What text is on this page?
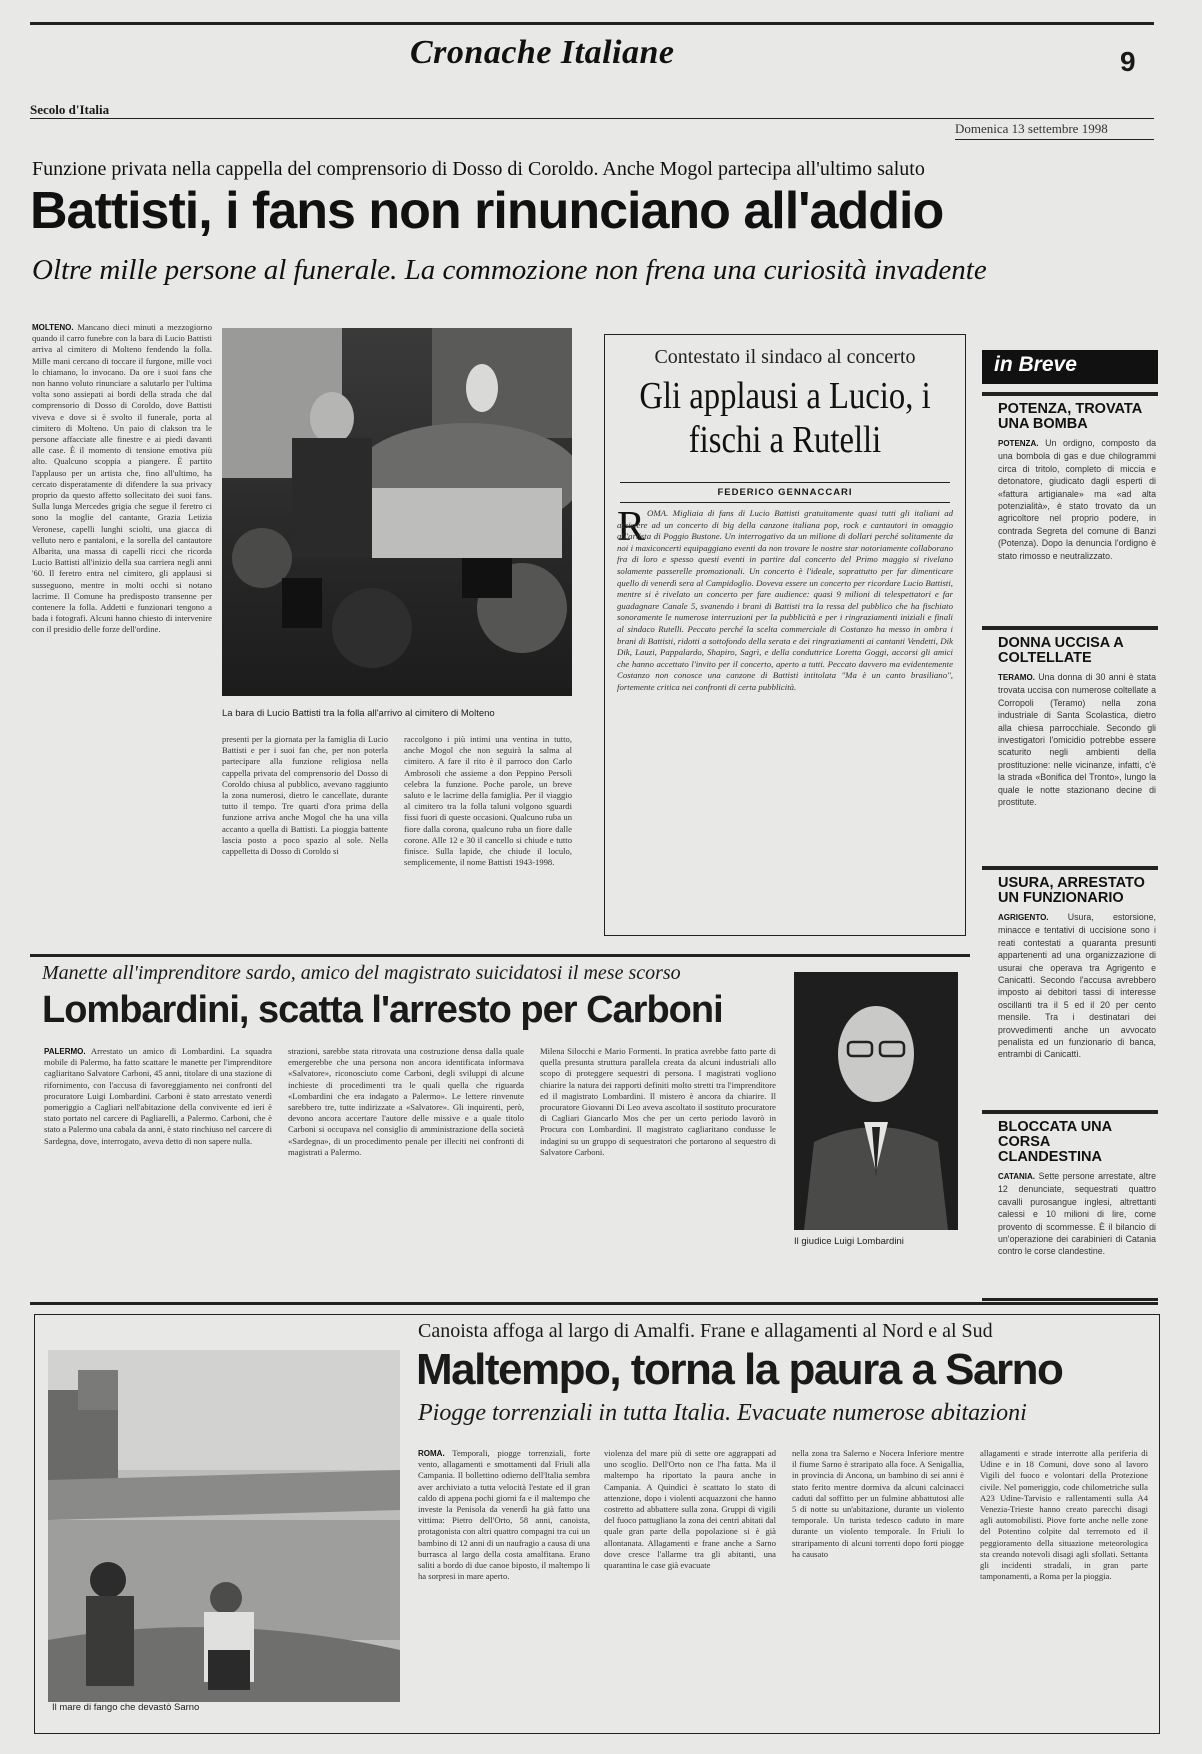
Cronache Italiane	9
Secolo d'Italia
Domenica 13 settembre 1998
Funzione privata nella cappella del comprensorio di Dosso di Coroldo. Anche Mogol partecipa all'ultimo saluto
Battisti, i fans non rinunciano all'addio
Oltre mille persone al funerale. La commozione non frena una curiosità invadente
MOLTENO. Mancano dieci minuti a mezzogiorno quando il carro funebre con la bara di Lucio Battisti arriva al cimitero di Molteno fendendo la folla. Mille mani cercano di toccare il furgone, mille voci lo chiamano, lo invocano. Da ore i suoi fans che non hanno voluto rinunciare a salutarlo per l'ultima volta sono assiepati ai bordi della strada che dal comprensorio di Dosso di Coroldo, dove Battisti viveva e dove si è svolto il funerale, porta al cimitero di Molteno. Un paio di clakson tra le persone affacciate alle finestre e ai piedi davanti alle case. È il momento di tensione emotiva più alto. Qualcuno scoppia a piangere. È partito l'applauso per un artista che, fino all'ultimo, ha cercato disperatamente di difendere la sua privacy proprio da questo affetto sollecitato dei suoi fans. Sulla lunga Mercedes grigia che segue il feretro ci sono la moglie del cantante, Grazia Letizia Veronese, capelli lunghi sciolti, una giacca di velluto nero e pantaloni, e la sorella del cantautore Albarita, una massa di capelli ricci che ricorda Lucio Battisti all'inizio della sua carriera negli anni '60. Il feretro entra nel cimitero, gli applausi si susseguono, mentre in molti occhi si notano lacrime. Il Comune ha predisposto transenne per contenere la folla. Addetti e funzionari tengono a bada i fotografi. Alcuni hanno chiesto di intervenire con il presidio delle forze dell'ordine.
La bara di Lucio Battisti tra la folla all'arrivo al cimitero di Molteno
presenti per la giornata per la famiglia di Lucio Battisti e per i suoi fan che, per non poterla partecipare alla funzione religiosa nella cappella privata del comprensorio del Dosso di Coroldo chiusa al pubblico, avevano raggiunto la zona numerosi, dietro le cancellate, durante tutto il tempo. Tre quarti d'ora prima della funzione arriva anche Mogol che ha una villa accanto a quella di Battisti. La pioggia battente lascia posto a poco spazio al sole. Nella cappelletta di Dosso di Coroldo si
raccolgono i più intimi una ventina in tutto, anche Mogol che non seguirà la salma al cimitero. A fare il rito è il parroco don Carlo Ambrosoli che assieme a don Peppino Persoli celebra la funzione. Poche parole, un breve saluto e le lacrime della famiglia. Per il viaggio al cimitero tra la folla taluni volgono sguardi fissi fuori di queste occasioni. Qualcuno ruba un fiore dalla corona, qualcuno ruba un fiore dalle corone. Alle 12 e 30 il cancello si chiude e tutto finisce. Sulla lapide, che chiude il loculo, semplicemente, il nome Battisti 1943-1998.
Contestato il sindaco al concerto
Gli applausi a Lucio, i fischi a Rutelli
FEDERICO GENNACCARI
R OMA. Migliaia di fans di Lucio Battisti gratuitamente quasi tutti gli italiani ad assistere ad un concerto di big della canzone italiana pop, rock e cantautori in omaggio all'artista di Poggio Bustone. Un interrogativo da un milione di dollari perché solitamente da noi i maxiconcerti equipaggiano eventi da non trovare le nostre star notoriamente collaborano fra di loro e spesso questi eventi in partire dal concerto del Primo maggio si rivelano solamente passerelle promozionali. Un concerto è l'ideale, soprattutto per far dimenticare quello di venerdì sera al Campidoglio. Doveva essere un concerto per ricordare Lucio Battisti, mentre si è rivelato un concerto per fare audience: quasi 9 milioni di telespettatori e far guadagnare Canale 5, svanendo i brani di Battisti tra la ressa del pubblico che ha fischiato sonoramente le numerose interruzioni per la pubblicità e per i ringraziamenti iniziali e finali al sindaco Rutelli. Peccato perché la scelta commerciale di Costanzo ha messo in ombra i brani di Battisti, ridotti a sottofondo della serata e dei ringraziamenti ai cantanti Vendetti, Dik Dik, Lauzi, Pappalardo, Shapiro, Sagrì, e della conduttrice Loretta Goggi, accorsi gli amici che hanno accettato l'invito per il concerto, aperto a tutti. Peccato davvero ma evidentemente Costanzo non conosce una canzone di Battisti intitolata "Ma è un canto brasiliano", fortemente critica nei confronti di certa pubblicità.
in Breve
POTENZA, TROVATA UNA BOMBA
POTENZA. Un ordigno, composto da una bombola di gas e due chilogrammi circa di tritolo, completo di miccia e detonatore, giudicato dagli esperti di «fattura artigianale» ma «ad alta potenzialità», è stato trovato da un agricoltore nel proprio podere, in contrada Segreta del comune di Banzi (Potenza). Dopo la denuncia l'ordigno è stato rimosso e neutralizzato.
DONNA UCCISA A COLTELLATE
TERAMO. Una donna di 30 anni è stata trovata uccisa con numerose coltellate a Corropoli (Teramo) nella zona industriale di Santa Scolastica, dietro alla chiesa parrocchiale. Secondo gli investigatori l'omicidio potrebbe essere scaturito negli ambienti della prostituzione: nelle vicinanze, infatti, c'è la strada «Bonifica del Tronto», lungo la quale le notte stazionano decine di prostitute.
USURA, ARRESTATO UN FUNZIONARIO
AGRIGENTO. Usura, estorsione, minacce e tentativi di uccisione sono i reati contestati a quaranta presunti appartenenti ad una organizzazione di usurai che operava tra Agrigento e Canicattì. Secondo l'accusa avrebbero imposto ai debitori tassi di interesse oscillanti tra il 5 ed il 20 per cento mensile. Tra i destinatari dei provvedimenti anche un avvocato penalista ed un funzionario di banca, entrambi di Canicattì.
BLOCCATA UNA CORSA CLANDESTINA
CATANIA. Sette persone arrestate, altre 12 denunciate, sequestrati quattro cavalli purosangue inglesi, altrettanti calessi e 10 milioni di lire, come provento di scommesse. È il bilancio di un'operazione dei carabinieri di Catania contro le corse clandestine.
Manette all'imprenditore sardo, amico del magistrato suicidatosi il mese scorso
Lombardini, scatta l'arresto per Carboni
PALERMO. Arrestato un amico di Lombardini. La squadra mobile di Palermo, ha fatto scattare le manette per l'imprenditore cagliaritano Salvatore Carboni, 45 anni, titolare di una stazione di rifornimento, con l'accusa di favoreggiamento nei confronti del procuratore Luigi Lombardini. Carboni è stato arrestato venerdì pomeriggio a Cagliari nell'abitazione della convivente ed ieri è stato portato nel carcere di Pagliarelli, a Palermo. Carboni, che è stato a Palermo una cabala da anni, è stato rinchiuso nel carcere di Sardegna, dove, interrogato, aveva detto di non sapere nulla.
strazioni, sarebbe stata ritrovata una costruzione densa dalla quale emergerebbe che una persona non ancora identificata informava «Salvatore», riconosciuto come Carboni, degli sviluppi di alcune inchieste di procedimenti tra le quali quella che riguarda «Lombardini che era indagato a Palermo». Le lettere rinvenute sarebbero tre, tutte indirizzate a «Salvatore». Gli inquirenti, però, devono ancora accertare l'autore delle missive e a quale titolo Carboni si occupava nel consiglio di amministrazione della società «Sardegna», di un procedimento penale per illeciti nei confronti di magistrati a Palermo.
Milena Silocchi e Mario Formenti. In pratica avrebbe fatto parte di quella presunta struttura parallela creata da alcuni industriali allo scopo di proteggere sequestri di persona. I magistrati vogliono chiarire la natura dei rapporti definiti molto stretti tra l'imprenditore ed il magistrato Lombardini. Il mistero è ancora da chiarire. Il procuratore Giovanni Di Leo aveva ascoltato il sostituto procuratore di Cagliari Giancarlo Mos che per un certo periodo lavorò in Procura con Lombardini. Il magistrato cagliaritano condusse le indagini su un gruppo di sequestratori che portarono al sequestro di Salvatore Carboni.
Il giudice Luigi Lombardini
Il mare di fango che devastò Sarno
Canoista affoga al largo di Amalfi. Frane e allagamenti al Nord e al Sud
Maltempo, torna la paura a Sarno
Piogge torrenziali in tutta Italia. Evacuate numerose abitazioni
ROMA. Temporali, piogge torrenziali, forte vento, allagamenti e smottamenti dal Friuli alla Campania. Il bollettino odierno dell'Italia sembra aver archiviato a tutta velocità l'estate ed il gran caldo di appena pochi giorni fa e il maltempo che investe la Penisola da venerdì ha già fatto una vittima: Pietro dell'Orto, 58 anni, canoista, protagonista con altri quattro compagni tra cui un bambino di 12 anni di un naufragio a causa di una burrasca al largo della costa amalfitana. Erano saliti a bordo di due canoe biposto, il maltempo li ha sorpresi in mare aperto.
violenza del mare più di sette ore aggrappati ad uno scoglio. Dell'Orto non ce l'ha fatta. Ma il maltempo ha riportato la paura anche in Campania. A Quindici è scattato lo stato di attenzione, dopo i violenti acquazzoni che hanno costretto ad abbattere sulla zona. Gruppi di vigili del fuoco pattugliano la zona dei centri abitati dal quale gran parte della popolazione si è già allontanata. Allagamenti e frane anche a Sarno dove cresce l'allarme tra gli abitanti, una quarantina le case già evacuate
nella zona tra Salerno e Nocera Inferiore mentre il fiume Sarno è straripato alla foce. A Senigallia, in provincia di Ancona, un bambino di sei anni è stato ferito mentre dormiva da alcuni calcinacci caduti dal soffitto per un fulmine abbattutosi alle 5 di notte su un'abitazione, durante un violento temporale. Un turista tedesco caduto in mare durante un violento temporale. In Friuli lo straripamento di alcuni torrenti dopo forti piogge ha causato
allagamenti e strade interrotte alla periferia di Udine e in 18 Comuni, dove sono al lavoro Vigili del fuoco e volontari della Protezione civile. Nel pomeriggio, code chilometriche sulla A23 Udine-Tarvisio e rallentamenti sulla A4 Venezia-Trieste hanno creato parecchi disagi agli automobilisti. Piove forte anche nelle zone del Potentino colpite dal terremoto ed il peggioramento della situazione meteorologica sta creando notevoli disagi agli sfollati. Settanta gli incidenti stradali, in gran parte tamponamenti, a Roma per la pioggia.
